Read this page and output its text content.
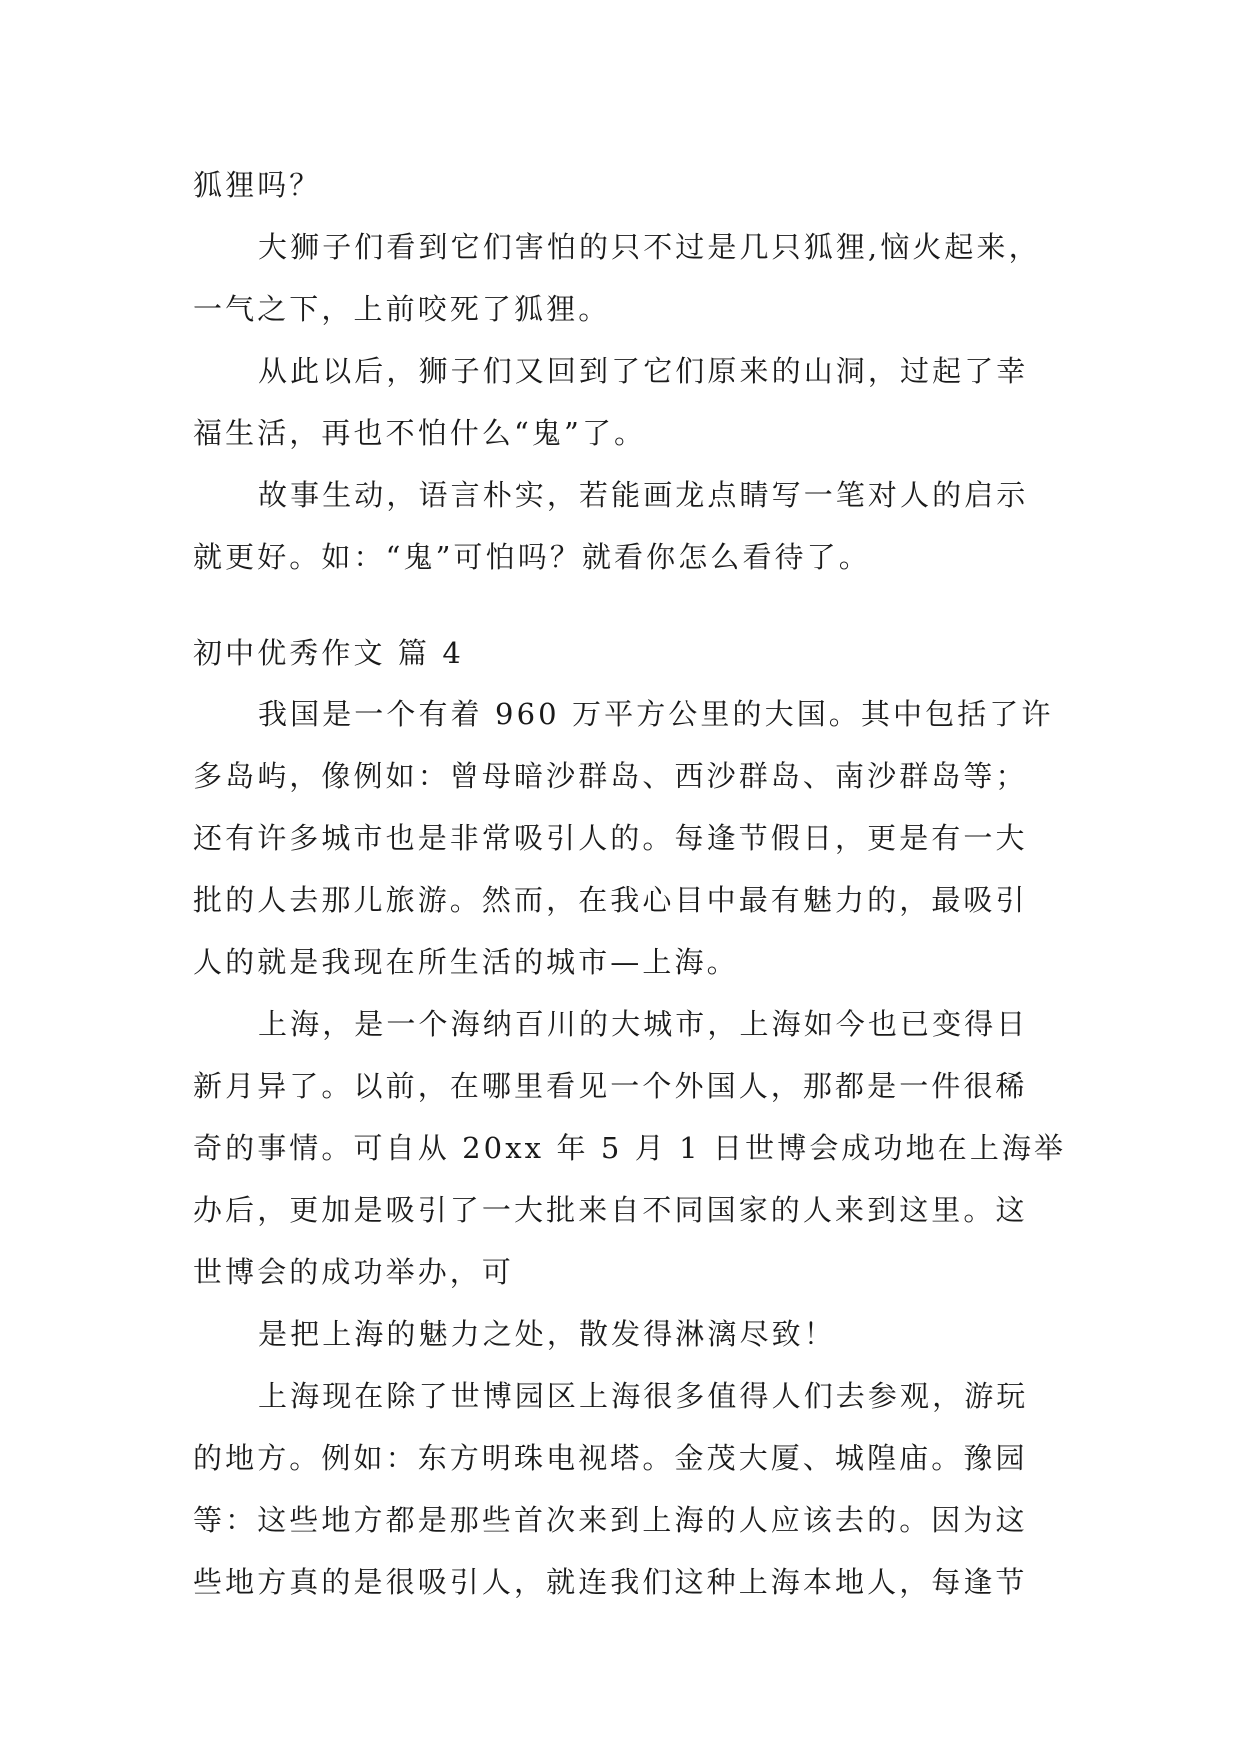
狐狸吗？
大狮子们看到它们害怕的只不过是几只狐狸,恼火起来，
一气之下，上前咬死了狐狸。
从此以后，狮子们又回到了它们原来的山洞，过起了幸
福生活，再也不怕什么“鬼”了。
故事生动，语言朴实，若能画龙点睛写一笔对人的启示
就更好。如：“鬼”可怕吗？就看你怎么看待了。
初中优秀作文 篇 4
我国是一个有着 960 万平方公里的大国。其中包括了许
多岛屿，像例如：曾母暗沙群岛、西沙群岛、南沙群岛等；
还有许多城市也是非常吸引人的。每逢节假日，更是有一大
批的人去那儿旅游。然而，在我心目中最有魅力的，最吸引
人的就是我现在所生活的城市—上海。
上海，是一个海纳百川的大城市，上海如今也已变得日
新月异了。以前，在哪里看见一个外国人，那都是一件很稀
奇的事情。可自从 20xx 年 5 月 1 日世博会成功地在上海举
办后，更加是吸引了一大批来自不同国家的人来到这里。这
世博会的成功举办，可
是把上海的魅力之处，散发得淋漓尽致！
上海现在除了世博园区上海很多值得人们去参观，游玩
的地方。例如：东方明珠电视塔。金茂大厦、城隍庙。豫园
等：这些地方都是那些首次来到上海的人应该去的。因为这
些地方真的是很吸引人，就连我们这种上海本地人，每逢节
